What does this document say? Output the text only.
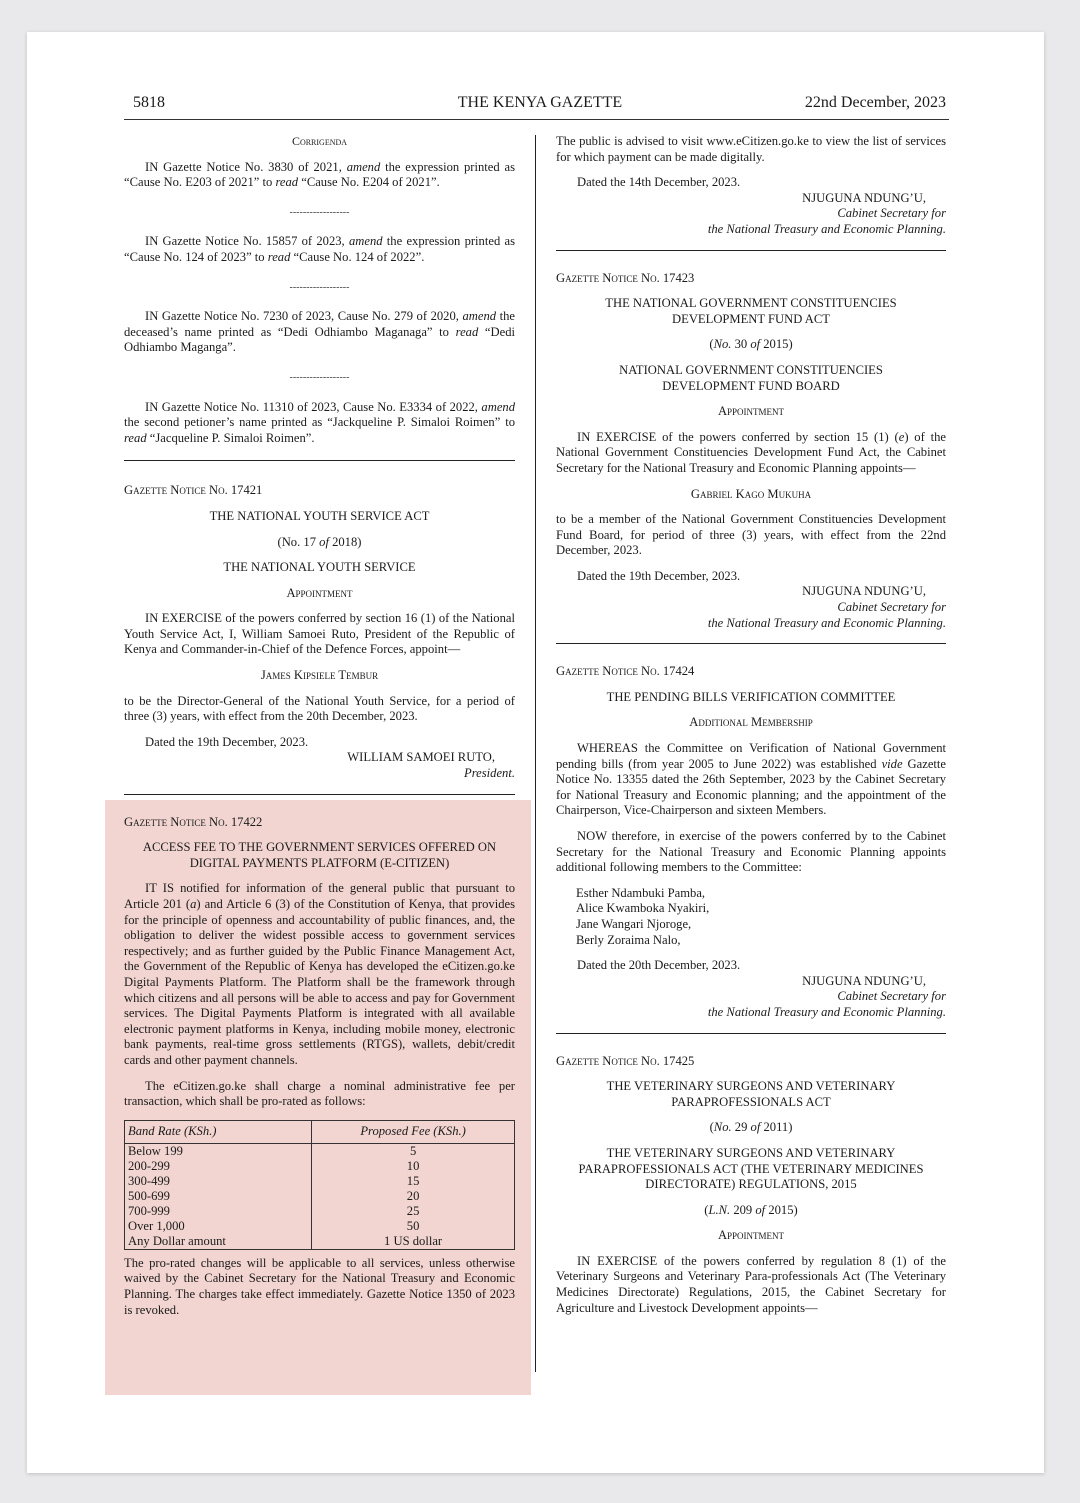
5818	THE KENYA GAZETTE	22nd December, 2023

Corrigenda

IN Gazette Notice No. 3830 of 2021, amend the expression printed as “Cause No. E203 of 2021” to read “Cause No. E204 of 2021”.

------------------

IN Gazette Notice No. 15857 of 2023, amend the expression printed as “Cause No. 124 of 2023” to read “Cause No. 124 of 2022”.

------------------

IN Gazette Notice No. 7230 of 2023, Cause No. 279 of 2020, amend the deceased’s name printed as “Dedi Odhiambo Maganaga” to read “Dedi Odhiambo Maganga”.

------------------

IN Gazette Notice No. 11310 of 2023, Cause No. E3334 of 2022, amend the second petioner’s name printed as “Jackqueline P. Simaloi Roimen” to read “Jacqueline P. Simaloi Roimen”.

Gazette Notice No. 17421

THE NATIONAL YOUTH SERVICE ACT

(No. 17 of 2018)

THE NATIONAL YOUTH SERVICE

Appointment

IN EXERCISE of the powers conferred by section 16 (1) of the National Youth Service Act, I, William Samoei Ruto, President of the Republic of Kenya and Commander-in-Chief of the Defence Forces, appoint—

James Kipsiele Tembur

to be the Director-General of the National Youth Service, for a period of three (3) years, with effect from the 20th December, 2023.

Dated the 19th December, 2023.

WILLIAM SAMOEI RUTO,

President.

Gazette Notice No. 17422

ACCESS FEE TO THE GOVERNMENT SERVICES OFFERED ON

DIGITAL PAYMENTS PLATFORM (E-CITIZEN)

IT IS notified for information of the general public that pursuant to Article 201 (a) and Article 6 (3) of the Constitution of Kenya, that provides for the principle of openness and accountability of public finances, and, the obligation to deliver the widest possible access to government services respectively; and as further guided by the Public Finance Management Act, the Government of the Republic of Kenya has developed the eCitizen.go.ke Digital Payments Platform. The Platform shall be the framework through which citizens and all persons will be able to access and pay for Government services. The Digital Payments Platform is integrated with all available electronic payment platforms in Kenya, including mobile money, electronic bank payments, real-time gross settlements (RTGS), wallets, debit/credit cards and other payment channels.

The eCitizen.go.ke shall charge a nominal administrative fee per transaction, which shall be pro-rated as follows:

Band Rate (KSh.)	Proposed Fee (KSh.)
Below 199	5
200-299	10
300-499	15
500-699	20
700-999	25
Over 1,000	50
Any Dollar amount	1 US dollar

The pro-rated changes will be applicable to all services, unless otherwise waived by the Cabinet Secretary for the National Treasury and Economic Planning. The charges take effect immediately. Gazette Notice 1350 of 2023 is revoked.

The public is advised to visit www.eCitizen.go.ke to view the list of services for which payment can be made digitally.

Dated the 14th December, 2023.

NJUGUNA NDUNG’U,

Cabinet Secretary for

the National Treasury and Economic Planning.

Gazette Notice No. 17423

THE NATIONAL GOVERNMENT CONSTITUENCIES

DEVELOPMENT FUND ACT

(No. 30 of 2015)

NATIONAL GOVERNMENT CONSTITUENCIES

DEVELOPMENT FUND BOARD

Appointment

IN EXERCISE of the powers conferred by section 15 (1) (e) of the National Government Constituencies Development Fund Act, the Cabinet Secretary for the National Treasury and Economic Planning appoints—

Gabriel Kago Mukuha

to be a member of the National Government Constituencies Development Fund Board, for period of three (3) years, with effect from the 22nd December, 2023.

Dated the 19th December, 2023.

NJUGUNA NDUNG’U,

Cabinet Secretary for

the National Treasury and Economic Planning.

Gazette Notice No. 17424

THE PENDING BILLS VERIFICATION COMMITTEE

Additional Membership

WHEREAS the Committee on Verification of National Government pending bills (from year 2005 to June 2022) was established vide Gazette Notice No. 13355 dated the 26th September, 2023 by the Cabinet Secretary for National Treasury and Economic planning; and the appointment of the Chairperson, Vice-Chairperson and sixteen Members.

NOW therefore, in exercise of the powers conferred by to the Cabinet Secretary for the National Treasury and Economic Planning appoints additional following members to the Committee:

Esther Ndambuki Pamba,

Alice Kwamboka Nyakiri,

Jane Wangari Njoroge,

Berly Zoraima Nalo,

Dated the 20th December, 2023.

NJUGUNA NDUNG’U,

Cabinet Secretary for

the National Treasury and Economic Planning.

Gazette Notice No. 17425

THE VETERINARY SURGEONS AND VETERINARY

PARAPROFESSIONALS ACT

(No. 29 of 2011)

THE VETERINARY SURGEONS AND VETERINARY

PARAPROFESSIONALS ACT (THE VETERINARY MEDICINES

DIRECTORATE) REGULATIONS, 2015

(L.N. 209 of 2015)

Appointment

IN EXERCISE of the powers conferred by regulation 8 (1) of the Veterinary Surgeons and Veterinary Para-professionals Act (The Veterinary Medicines Directorate) Regulations, 2015, the Cabinet Secretary for Agriculture and Livestock Development appoints—
